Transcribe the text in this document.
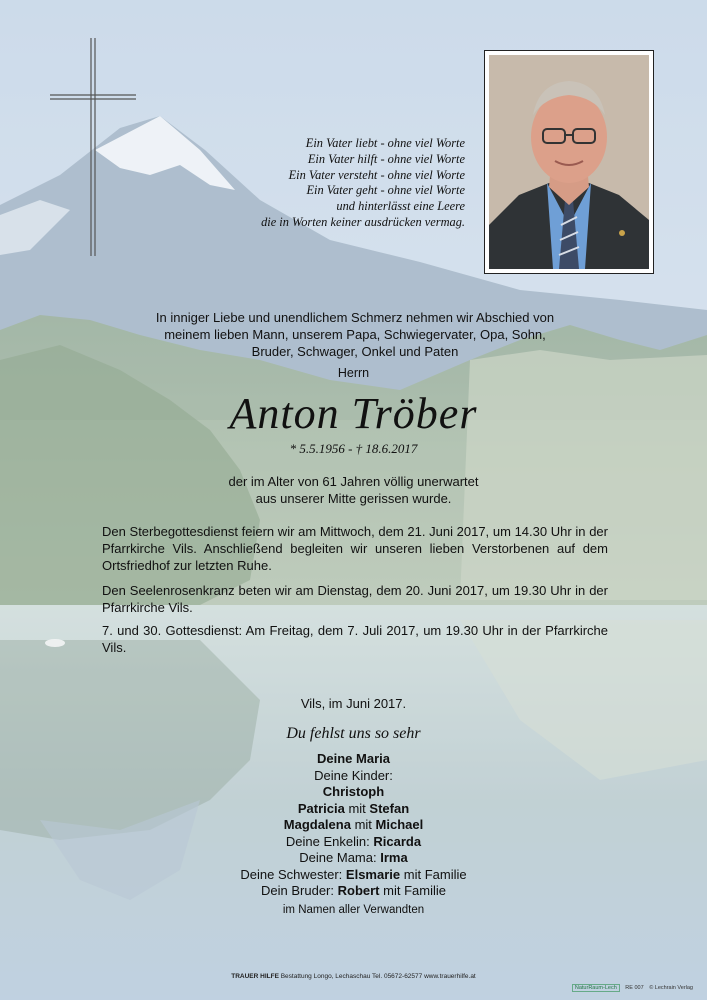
Ein Vater liebt - ohne viel Worte
Ein Vater hilft - ohne viel Worte
Ein Vater versteht - ohne viel Worte
Ein Vater geht - ohne viel Worte
und hinterlässt eine Leere
die in Worten keiner ausdrücken vermag.
In inniger Liebe und unendlichem Schmerz nehmen wir Abschied von
meinem lieben Mann, unserem Papa, Schwiegervater, Opa, Sohn,
Bruder, Schwager, Onkel und Paten
Herrn
Anton Tröber
* 5.5.1956 - † 18.6.2017
der im Alter von 61 Jahren völlig unerwartet
aus unserer Mitte gerissen wurde.
Den Sterbegottesdienst feiern wir am Mittwoch, dem 21. Juni 2017, um 14.30 Uhr in der Pfarrkirche Vils. Anschließend begleiten wir unseren lieben Verstorbenen auf dem Ortsfriedhof zur letzten Ruhe.
Den Seelenrosenkranz beten wir am Dienstag, dem 20. Juni 2017, um 19.30 Uhr in der Pfarrkirche Vils.
7. und 30. Gottesdienst: Am Freitag, dem 7. Juli 2017, um 19.30 Uhr in der Pfarrkirche Vils.
Vils, im Juni 2017.
Du fehlst uns so sehr
Deine Maria
Deine Kinder:
Christoph
Patricia mit Stefan
Magdalena mit Michael
Deine Enkelin: Ricarda
Deine Mama: Irma
Deine Schwester: Elsmarie mit Familie
Dein Bruder: Robert mit Familie
im Namen aller Verwandten
TRAUER HILFE Bestattung Longo, Lechaschau Tel. 05672-62577 www.trauerhilfe.at
NaturRaum-Lech RE 007 © Lechrain Verlag
